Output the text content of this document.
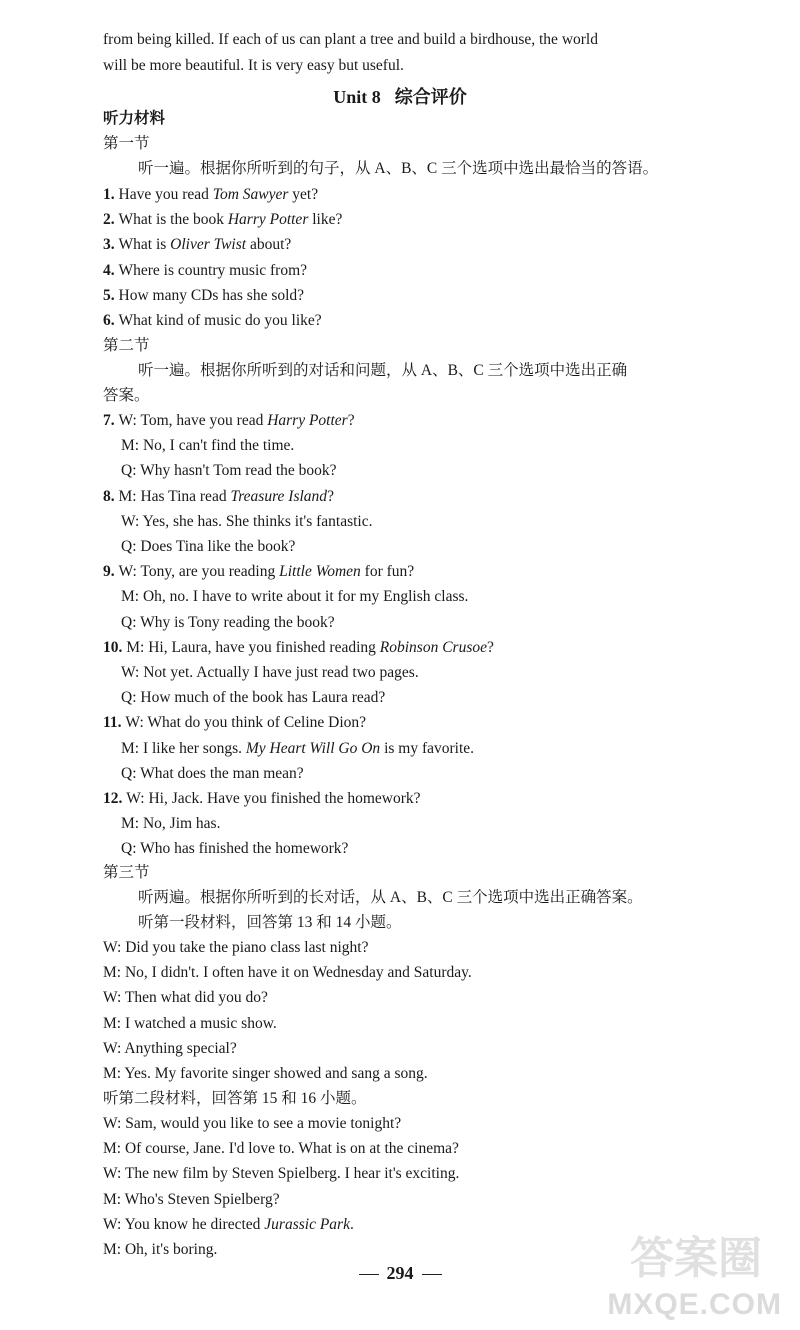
from being killed. If each of us can plant a tree and build a birdhouse, the world
will be more beautiful. It is very easy but useful.
Unit 8 综合评价
听力材料
第一节
听一遍。根据你所听到的句子，从 A、B、C 三个选项中选出最恰当的答语。
1. Have you read Tom Sawyer yet?
2. What is the book Harry Potter like?
3. What is Oliver Twist about?
4. Where is country music from?
5. How many CDs has she sold?
6. What kind of music do you like?
第二节
听一遍。根据你所听到的对话和问题，从 A、B、C 三个选项中选出正确
答案。
7. W: Tom, have you read Harry Potter?
M: No, I can't find the time.
Q: Why hasn't Tom read the book?
8. M: Has Tina read Treasure Island?
W: Yes, she has. She thinks it's fantastic.
Q: Does Tina like the book?
9. W: Tony, are you reading Little Women for fun?
M: Oh, no. I have to write about it for my English class.
Q: Why is Tony reading the book?
10. M: Hi, Laura, have you finished reading Robinson Crusoe?
W: Not yet. Actually I have just read two pages.
Q: How much of the book has Laura read?
11. W: What do you think of Celine Dion?
M: I like her songs. My Heart Will Go On is my favorite.
Q: What does the man mean?
12. W: Hi, Jack. Have you finished the homework?
M: No, Jim has.
Q: Who has finished the homework?
第三节
听两遍。根据你所听到的长对话，从 A、B、C 三个选项中选出正确答案。
听第一段材料，回答第 13 和 14 小题。
W: Did you take the piano class last night?
M: No, I didn't. I often have it on Wednesday and Saturday.
W: Then what did you do?
M: I watched a music show.
W: Anything special?
M: Yes. My favorite singer showed and sang a song.
听第二段材料，回答第 15 和 16 小题。
W: Sam, would you like to see a movie tonight?
M: Of course, Jane. I'd love to. What is on at the cinema?
W: The new film by Steven Spielberg. I hear it's exciting.
M: Who's Steven Spielberg?
W: You know he directed Jurassic Park.
M: Oh, it's boring.
294	答案圈
MXQE.COM
